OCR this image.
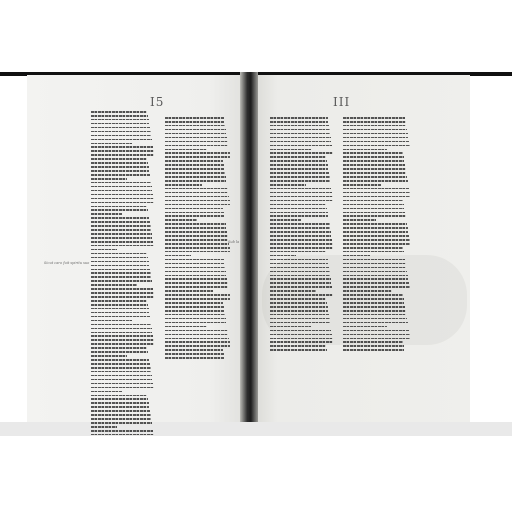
I5	III
Sicut caro fuit spiritu suo
Sub la
